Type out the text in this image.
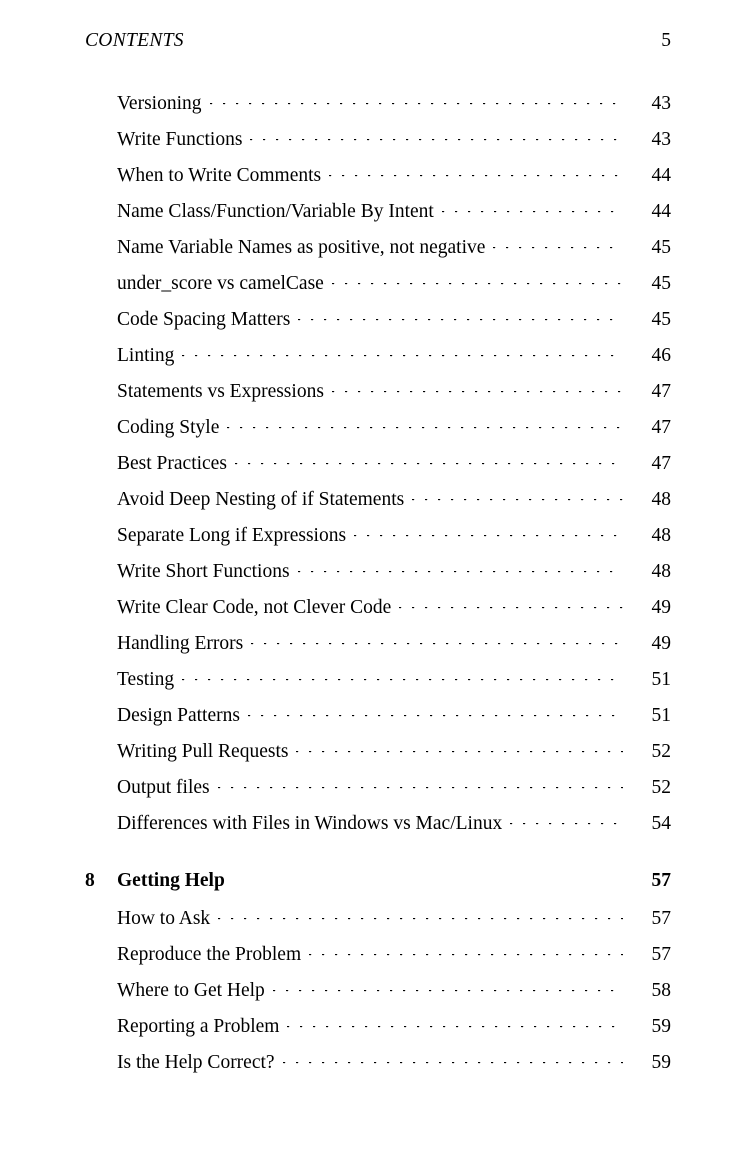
CONTENTS	5
Versioning	43
Write Functions	43
When to Write Comments	44
Name Class/Function/Variable By Intent	44
Name Variable Names as positive, not negative	45
under_score vs camelCase	45
Code Spacing Matters	45
Linting	46
Statements vs Expressions	47
Coding Style	47
Best Practices	47
Avoid Deep Nesting of if Statements	48
Separate Long if Expressions	48
Write Short Functions	48
Write Clear Code, not Clever Code	49
Handling Errors	49
Testing	51
Design Patterns	51
Writing Pull Requests	52
Output files	52
Differences with Files in Windows vs Mac/Linux	54
8	Getting Help	57
How to Ask	57
Reproduce the Problem	57
Where to Get Help	58
Reporting a Problem	59
Is the Help Correct?	59
